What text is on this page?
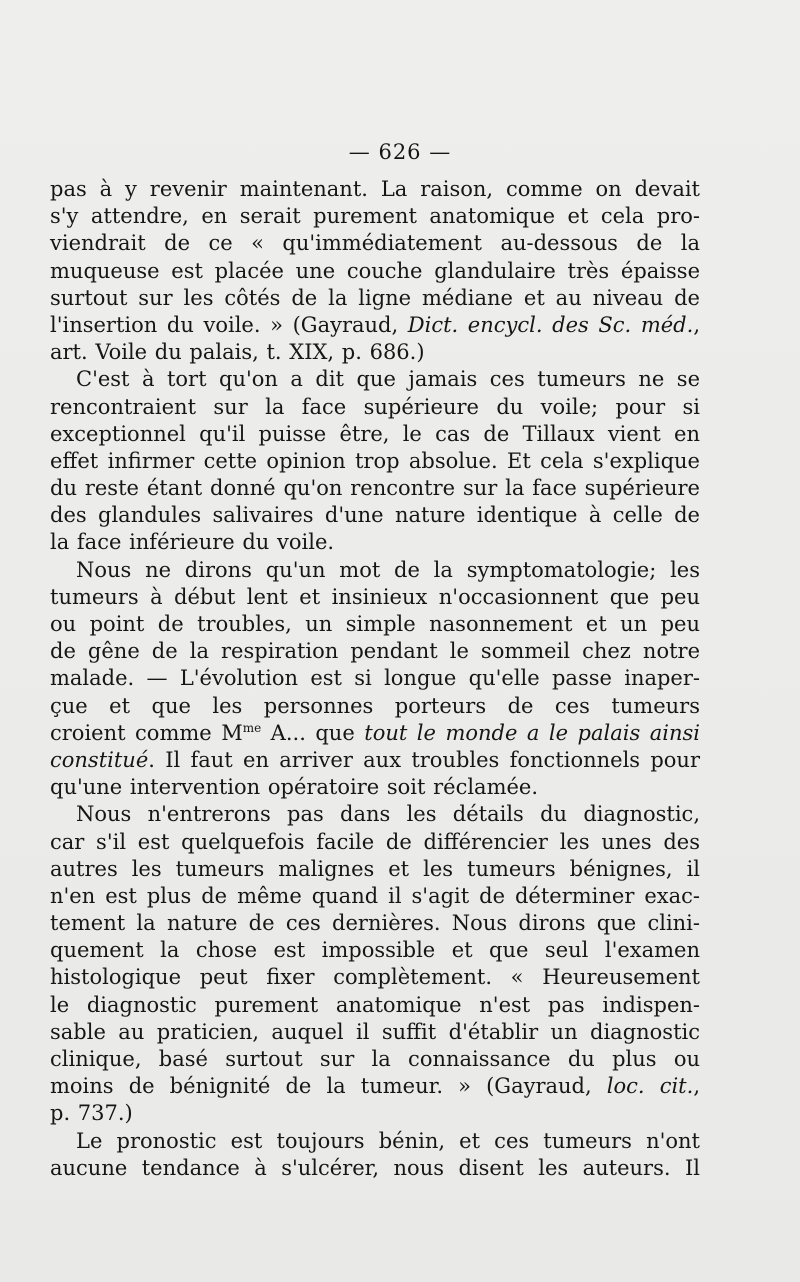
— 626 —
pas à y revenir maintenant. La raison, comme on devait
s'y attendre, en serait purement anatomique et cela pro-
viendrait de ce « qu'immédiatement au-dessous de la
muqueuse est placée une couche glandulaire très épaisse
surtout sur les côtés de la ligne médiane et au niveau de
l'insertion du voile. » (Gayraud, Dict. encycl. des Sc. méd.,
art. Voile du palais, t. XIX, p. 686.)
C'est à tort qu'on a dit que jamais ces tumeurs ne se
rencontraient sur la face supérieure du voile; pour si
exceptionnel qu'il puisse être, le cas de Tillaux vient en
effet infirmer cette opinion trop absolue. Et cela s'explique
du reste étant donné qu'on rencontre sur la face supérieure
des glandules salivaires d'une nature identique à celle de
la face inférieure du voile.
Nous ne dirons qu'un mot de la symptomatologie; les
tumeurs à début lent et insinieux n'occasionnent que peu
ou point de troubles, un simple nasonnement et un peu
de gêne de la respiration pendant le sommeil chez notre
malade. — L'évolution est si longue qu'elle passe inaper-
çue et que les personnes porteurs de ces tumeurs
croient comme $M^{me}$ A... que tout le monde a le palais ainsi
constitué. Il faut en arriver aux troubles fonctionnels pour
qu'une intervention opératoire soit réclamée.
Nous n'entrerons pas dans les détails du diagnostic,
car s'il est quelquefois facile de différencier les unes des
autres les tumeurs malignes et les tumeurs bénignes, il
n'en est plus de même quand il s'agit de déterminer exac-
tement la nature de ces dernières. Nous dirons que clini-
quement la chose est impossible et que seul l'examen
histologique peut fixer complètement. « Heureusement
le diagnostic purement anatomique n'est pas indispen-
sable au praticien, auquel il suffit d'établir un diagnostic
clinique, basé surtout sur la connaissance du plus ou
moins de bénignité de la tumeur. » (Gayraud, loc. cit.,
p. 737.)
Le pronostic est toujours bénin, et ces tumeurs n'ont
aucune tendance à s'ulcérer, nous disent les auteurs. Il
